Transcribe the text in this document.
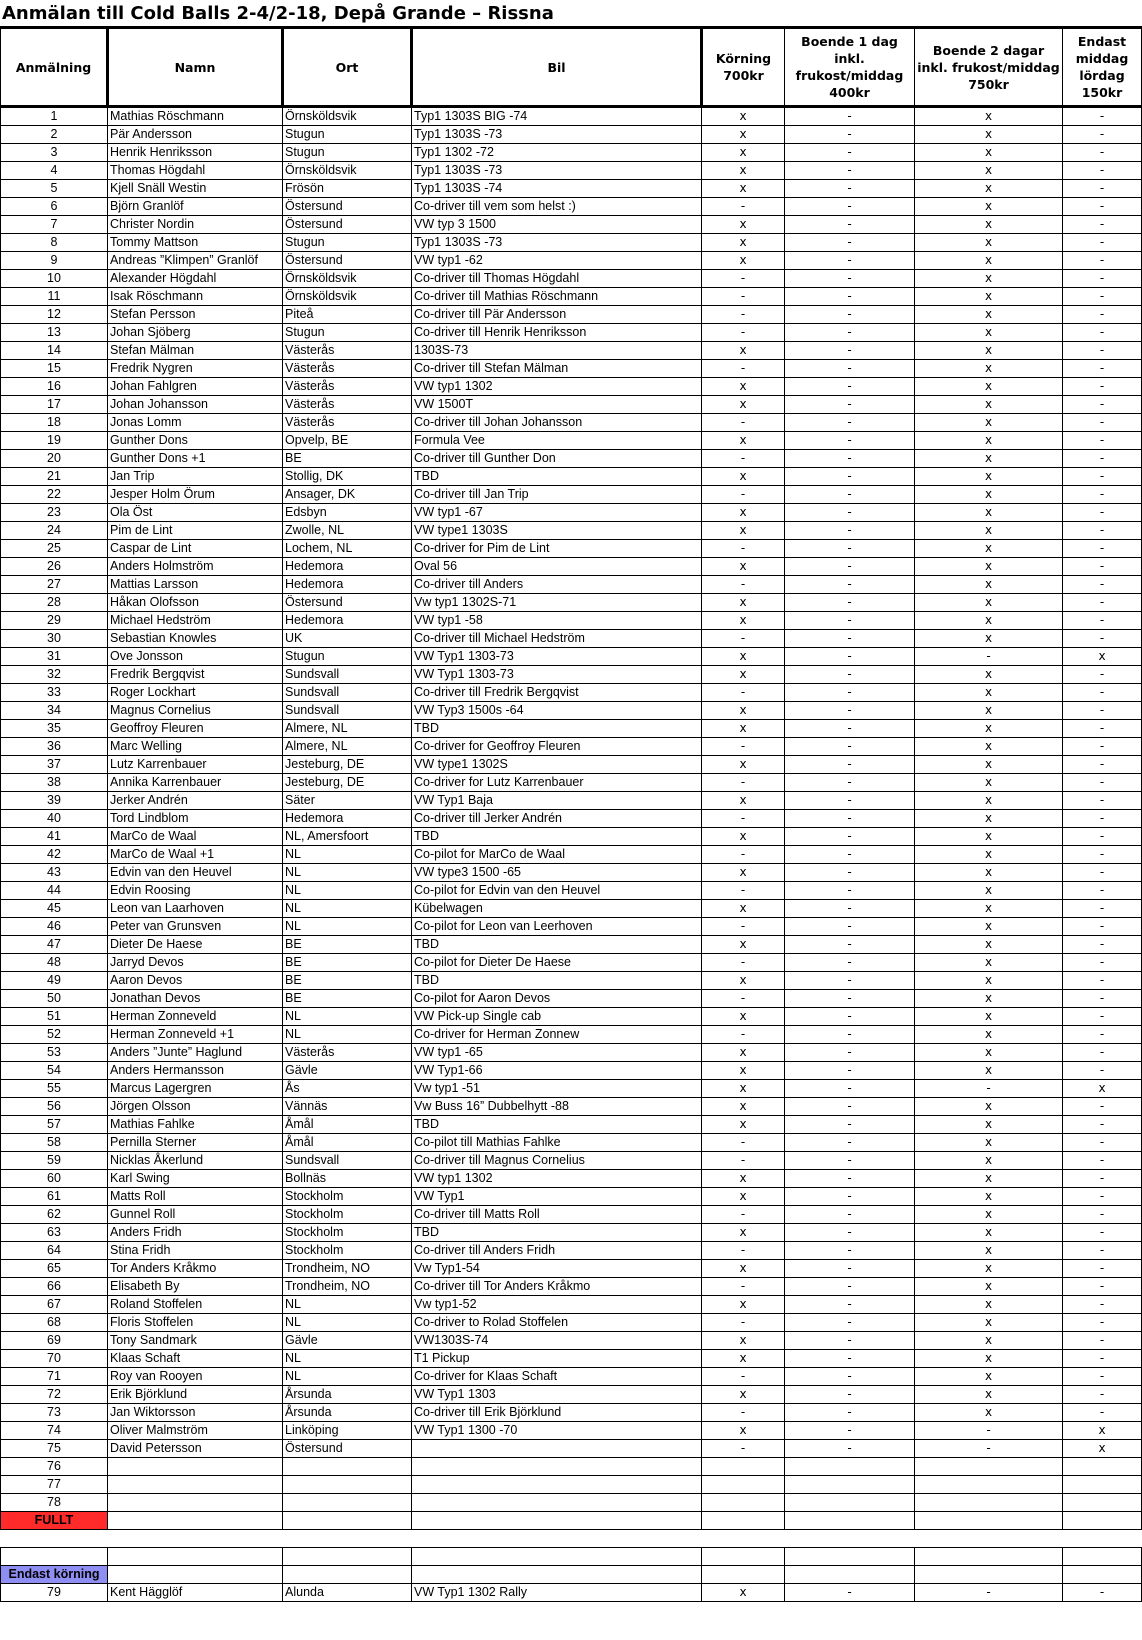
Anmälan till Cold Balls 2-4/2-18, Depå Grande – Rissna
Anmälning	Namn	Ort	Bil	Körning 700kr	Boende 1 dag inkl. frukost/middag 400kr	Boende 2 dagar inkl. frukost/middag 750kr	Endast middag lördag 150kr
1	Mathias Röschmann	Örnsköldsvik	Typ1 1303S BIG -74	x	-	x	-
2	Pär Andersson	Stugun	Typ1 1303S -73	x	-	x	-
3	Henrik Henriksson	Stugun	Typ1 1302 -72	x	-	x	-
4	Thomas Högdahl	Örnsköldsvik	Typ1 1303S -73	x	-	x	-
5	Kjell Snäll Westin	Frösön	Typ1 1303S -74	x	-	x	-
6	Björn Granlöf	Östersund	Co-driver till vem som helst :)	-	-	x	-
7	Christer Nordin	Östersund	VW typ 3 1500	x	-	x	-
8	Tommy Mattson	Stugun	Typ1 1303S -73	x	-	x	-
9	Andreas ”Klimpen” Granlöf	Östersund	VW typ1 -62	x	-	x	-
10	Alexander Högdahl	Örnsköldsvik	Co-driver till Thomas Högdahl	-	-	x	-
11	Isak Röschmann	Örnsköldsvik	Co-driver till Mathias Röschmann	-	-	x	-
12	Stefan Persson	Piteå	Co-driver till Pär Andersson	-	-	x	-
13	Johan Sjöberg	Stugun	Co-driver till Henrik Henriksson	-	-	x	-
14	Stefan Mälman	Västerås	1303S-73	x	-	x	-
15	Fredrik Nygren	Västerås	Co-driver till Stefan Mälman	-	-	x	-
16	Johan Fahlgren	Västerås	VW typ1 1302	x	-	x	-
17	Johan Johansson	Västerås	VW 1500T	x	-	x	-
18	Jonas Lomm	Västerås	Co-driver till Johan Johansson	-	-	x	-
19	Gunther Dons	Opvelp, BE	Formula Vee	x	-	x	-
20	Gunther Dons +1	BE	Co-driver till Gunther Don	-	-	x	-
21	Jan Trip	Stollig, DK	TBD	x	-	x	-
22	Jesper Holm Örum	Ansager, DK	Co-driver till Jan Trip	-	-	x	-
23	Ola Öst	Edsbyn	VW typ1 -67	x	-	x	-
24	Pim de Lint	Zwolle, NL	VW type1 1303S	x	-	x	-
25	Caspar de Lint	Lochem, NL	Co-driver for Pim de Lint	-	-	x	-
26	Anders Holmström	Hedemora	Oval 56	x	-	x	-
27	Mattias Larsson	Hedemora	Co-driver till Anders	-	-	x	-
28	Håkan Olofsson	Östersund	Vw typ1 1302S-71	x	-	x	-
29	Michael Hedström	Hedemora	VW typ1 -58	x	-	x	-
30	Sebastian Knowles	UK	Co-driver till Michael Hedström	-	-	x	-
31	Ove Jonsson	Stugun	VW Typ1 1303-73	x	-	-	x
32	Fredrik Bergqvist	Sundsvall	VW Typ1 1303-73	x	-	x	-
33	Roger Lockhart	Sundsvall	Co-driver till Fredrik Bergqvist	-	-	x	-
34	Magnus Cornelius	Sundsvall	VW Typ3 1500s -64	x	-	x	-
35	Geoffroy Fleuren	Almere, NL	TBD	x	-	x	-
36	Marc Welling	Almere, NL	Co-driver for Geoffroy Fleuren	-	-	x	-
37	Lutz Karrenbauer	Jesteburg, DE	VW type1 1302S	x	-	x	-
38	Annika Karrenbauer	Jesteburg, DE	Co-driver for Lutz Karrenbauer	-	-	x	-
39	Jerker Andrén	Säter	VW Typ1 Baja	x	-	x	-
40	Tord Lindblom	Hedemora	Co-driver till Jerker Andrén	-	-	x	-
41	MarCo de Waal	NL, Amersfoort	TBD	x	-	x	-
42	MarCo de Waal +1	NL	Co-pilot for MarCo de Waal	-	-	x	-
43	Edvin van den Heuvel	NL	VW type3 1500 -65	x	-	x	-
44	Edvin Roosing	NL	Co-pilot for Edvin van den Heuvel	-	-	x	-
45	Leon van Laarhoven	NL	Kübelwagen	x	-	x	-
46	Peter van Grunsven	NL	Co-pilot for Leon van Leerhoven	-	-	x	-
47	Dieter De Haese	BE	TBD	x	-	x	-
48	Jarryd Devos	BE	Co-pilot for Dieter De Haese	-	-	x	-
49	Aaron Devos	BE	TBD	x	-	x	-
50	Jonathan Devos	BE	Co-pilot for Aaron Devos	-	-	x	-
51	Herman Zonneveld	NL	VW Pick-up Single cab	x	-	x	-
52	Herman Zonneveld +1	NL	Co-driver for Herman Zonnew	-	-	x	-
53	Anders ”Junte” Haglund	Västerås	VW typ1 -65	x	-	x	-
54	Anders Hermansson	Gävle	VW Typ1-66	x	-	x	-
55	Marcus Lagergren	Ås	Vw typ1 -51	x	-	-	x
56	Jörgen Olsson	Vännäs	Vw Buss 16” Dubbelhytt -88	x	-	x	-
57	Mathias Fahlke	Åmål	TBD	x	-	x	-
58	Pernilla Sterner	Åmål	Co-pilot till Mathias Fahlke	-	-	x	-
59	Nicklas Åkerlund	Sundsvall	Co-driver till Magnus Cornelius	-	-	x	-
60	Karl Swing	Bollnäs	VW typ1 1302	x	-	x	-
61	Matts Roll	Stockholm	VW Typ1	x	-	x	-
62	Gunnel Roll	Stockholm	Co-driver till Matts Roll	-	-	x	-
63	Anders Fridh	Stockholm	TBD	x	-	x	-
64	Stina Fridh	Stockholm	Co-driver till Anders Fridh	-	-	x	-
65	Tor Anders Kråkmo	Trondheim, NO	Vw Typ1-54	x	-	x	-
66	Elisabeth By	Trondheim, NO	Co-driver till Tor Anders Kråkmo	-	-	x	-
67	Roland Stoffelen	NL	Vw typ1-52	x	-	x	-
68	Floris Stoffelen	NL	Co-driver to Rolad Stoffelen	-	-	x	-
69	Tony Sandmark	Gävle	VW1303S-74	x	-	x	-
70	Klaas Schaft	NL	T1 Pickup	x	-	x	-
71	Roy van Rooyen	NL	Co-driver for Klaas Schaft	-	-	x	-
72	Erik Björklund	Årsunda	VW Typ1 1303	x	-	x	-
73	Jan Wiktorsson	Årsunda	Co-driver till Erik Björklund	-	-	x	-
74	Oliver Malmström	Linköping	VW Typ1 1300 -70	x	-	-	x
75	David Petersson	Östersund		-	-	-	x
76							
77							
78							
FULLT							

Endast körning							
79	Kent Hägglöf	Alunda	VW Typ1 1302 Rally	x	-	-	-
